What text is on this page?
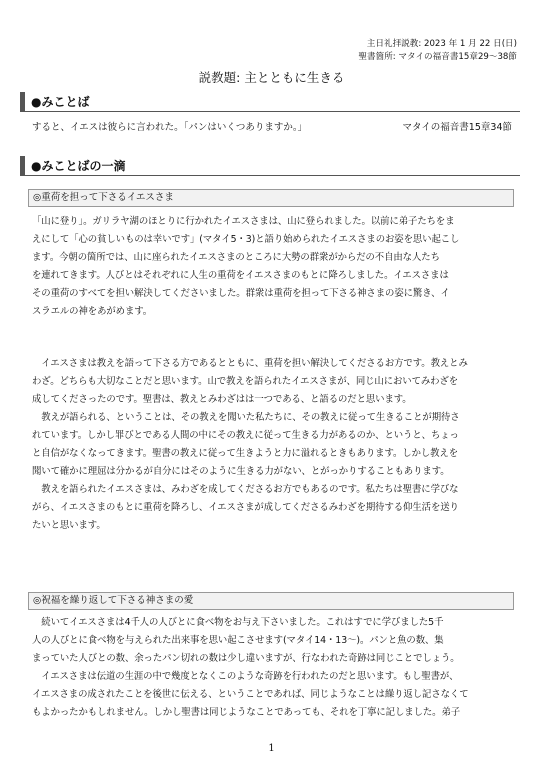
主日礼拝説教: 2023 年 1 月 22 日(日)
聖書箇所: マタイの福音書15章29～38節
説教題: 主とともに生きる
●みことば
すると、イエスは彼らに言われた。「パンはいくつありますか。」	マタイの福音書15章34節
●みことばの一滴
◎重荷を担って下さるイエスさま
「山に登り」。ガリラヤ湖のほとりに行かれたイエスさまは、山に登られました。以前に弟子たちをま
えにして「心の貧しいものは幸いです」(マタイ5・3)と語り始められたイエスさまのお姿を思い起こし
ます。今朝の箇所では、山に座られたイエスさまのところに大勢の群衆がからだの不自由な人たち
を連れてきます。人びとはそれぞれに人生の重荷をイエスさまのもとに降ろしました。イエスさまは
その重荷のすべてを担い解決してくださいました。群衆は重荷を担って下さる神さまの姿に驚き、イ
スラエルの神をあがめます。
　イエスさまは教えを語って下さる方であるとともに、重荷を担い解決してくださるお方です。教えとみ
わざ。どちらも大切なことだと思います。山で教えを語られたイエスさまが、同じ山においてみわざを
成してくださったのです。聖書は、教えとみわざはは一つである、と語るのだと思います。
　教えが語られる、ということは、その教えを聞いた私たちに、その教えに従って生きることが期待さ
れています。しかし罪びとである人間の中にその教えに従って生きる力があるのか、というと、ちょっ
と自信がなくなってきます。聖書の教えに従って生きようと力に溢れるときもあります。しかし教えを
聞いて確かに理屈は分かるが自分にはそのように生きる力がない、とがっかりすることもあります。
　教えを語られたイエスさまは、みわざを成してくださるお方でもあるのです。私たちは聖書に学びな
がら、イエスさまのもとに重荷を降ろし、イエスさまが成してくださるみわざを期待する仰生活を送り
たいと思います。
◎祝福を繰り返して下さる神さまの愛
　続いてイエスさまは4千人の人びとに食べ物をお与え下さいました。これはすでに学びました5千
人の人びとに食べ物を与えられた出来事を思い起こさせます(マタイ14・13～)。パンと魚の数、集
まっていた人びとの数、余ったパン切れの数は少し違いますが、行なわれた奇跡は同じことでしょう。
　イエスさまは伝道の生涯の中で幾度となくこのような奇跡を行われたのだと思います。もし聖書が、
イエスさまの成されたことを後世に伝える、ということであれば、同じようなことは繰り返し記さなくて
もよかったかもしれません。しかし聖書は同じようなことであっても、それを丁寧に記しました。弟子
1
